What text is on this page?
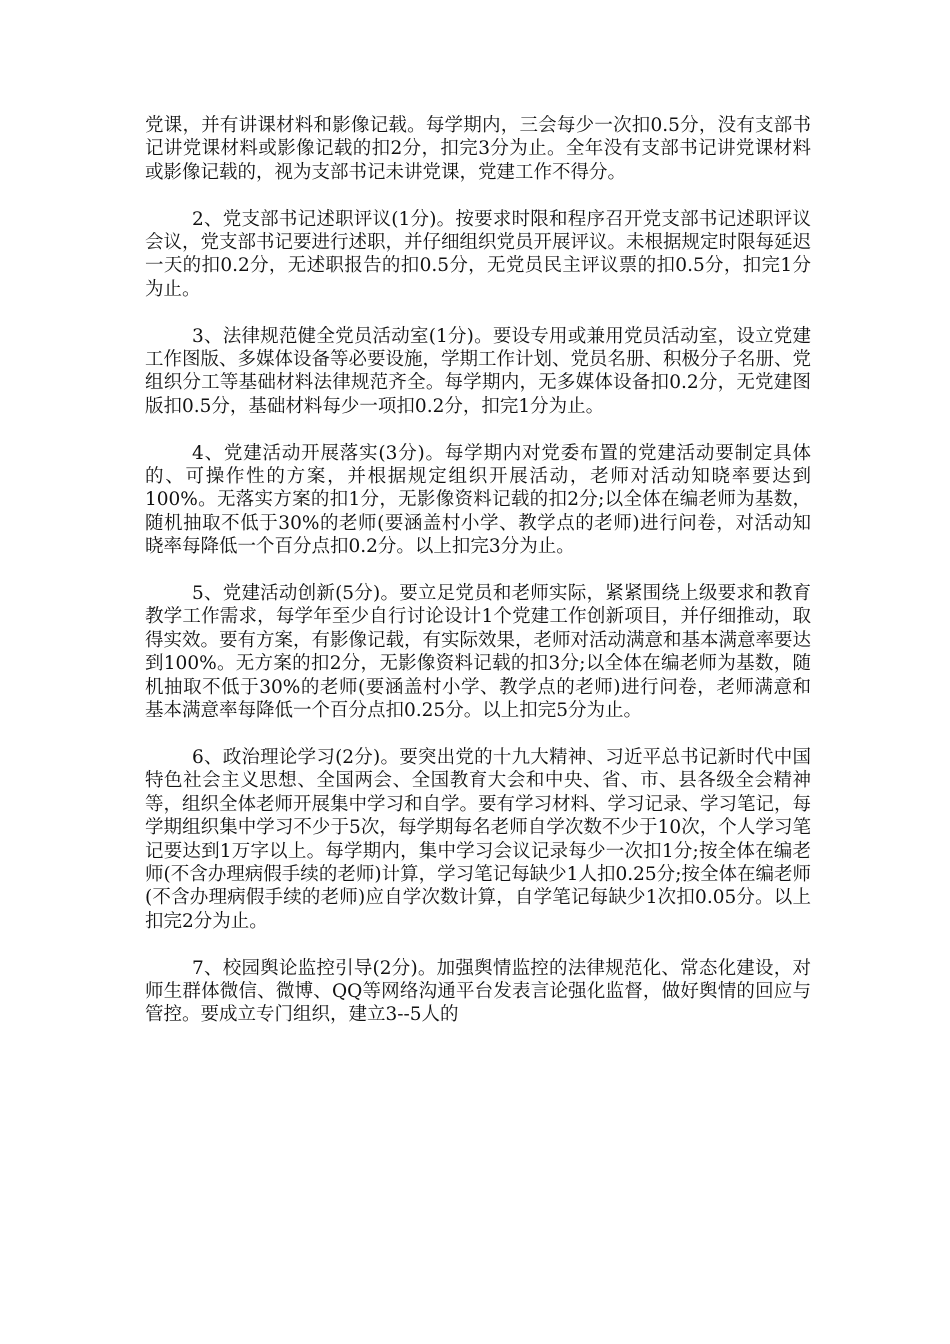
党课，并有讲课材料和影像记载。每学期内，三会每少一次扣0.5分，没有支部书记讲党课材料或影像记载的扣2分，扣完3分为止。全年没有支部书记讲党课材料或影像记载的，视为支部书记未讲党课，党建工作不得分。

2、党支部书记述职评议(1分)。按要求时限和程序召开党支部书记述职评议会议，党支部书记要进行述职，并仔细组织党员开展评议。未根据规定时限每延迟一天的扣0.2分，无述职报告的扣0.5分，无党员民主评议票的扣0.5分，扣完1分为止。

3、法律规范健全党员活动室(1分)。要设专用或兼用党员活动室，设立党建工作图版、多媒体设备等必要设施，学期工作计划、党员名册、积极分子名册、党组织分工等基础材料法律规范齐全。每学期内，无多媒体设备扣0.2分，无党建图版扣0.5分，基础材料每少一项扣0.2分，扣完1分为止。

4、党建活动开展落实(3分)。每学期内对党委布置的党建活动要制定具体的、可操作性的方案，并根据规定组织开展活动，老师对活动知晓率要达到100%。无落实方案的扣1分，无影像资料记载的扣2分;以全体在编老师为基数，随机抽取不低于30%的老师(要涵盖村小学、教学点的老师)进行问卷，对活动知晓率每降低一个百分点扣0.2分。以上扣完3分为止。

5、党建活动创新(5分)。要立足党员和老师实际，紧紧围绕上级要求和教育教学工作需求，每学年至少自行讨论设计1个党建工作创新项目，并仔细推动，取得实效。要有方案，有影像记载，有实际效果，老师对活动满意和基本满意率要达到100%。无方案的扣2分，无影像资料记载的扣3分;以全体在编老师为基数，随机抽取不低于30%的老师(要涵盖村小学、教学点的老师)进行问卷，老师满意和基本满意率每降低一个百分点扣0.25分。以上扣完5分为止。

6、政治理论学习(2分)。要突出党的十九大精神、习近平总书记新时代中国特色社会主义思想、全国两会、全国教育大会和中央、省、市、县各级全会精神等，组织全体老师开展集中学习和自学。要有学习材料、学习记录、学习笔记，每学期组织集中学习不少于5次，每学期每名老师自学次数不少于10次，个人学习笔记要达到1万字以上。每学期内，集中学习会议记录每少一次扣1分;按全体在编老师(不含办理病假手续的老师)计算，学习笔记每缺少1人扣0.25分;按全体在编老师(不含办理病假手续的老师)应自学次数计算，自学笔记每缺少1次扣0.05分。以上扣完2分为止。

7、校园舆论监控引导(2分)。加强舆情监控的法律规范化、常态化建设，对师生群体微信、微博、QQ等网络沟通平台发表言论强化监督，做好舆情的回应与管控。要成立专门组织，建立3--5人的
